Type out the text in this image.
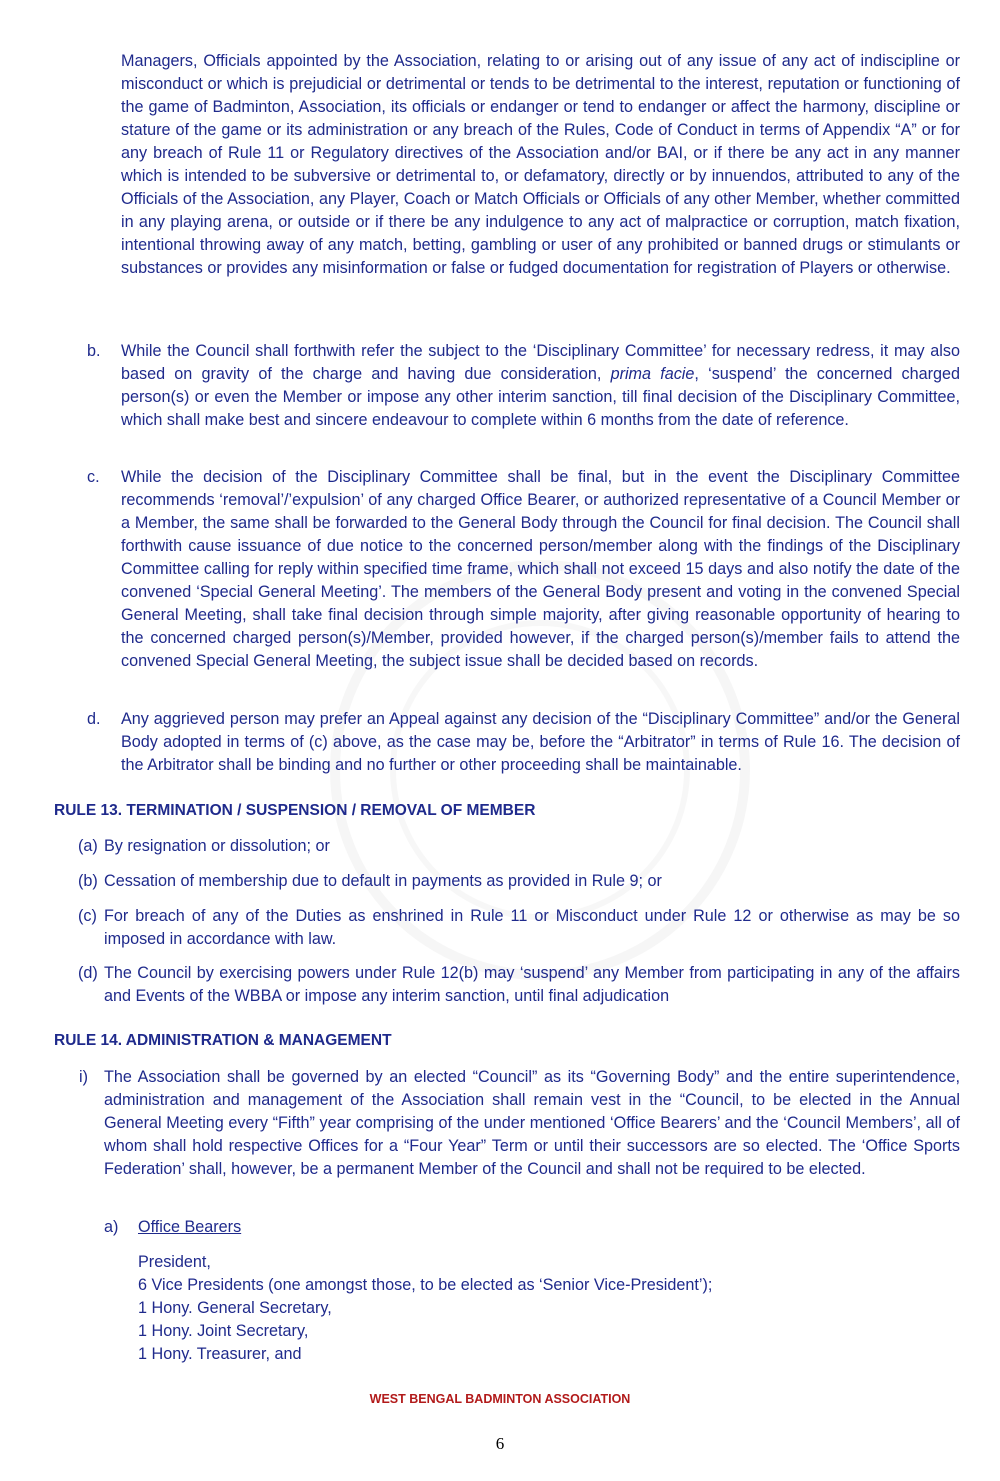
Managers, Officials appointed by the Association, relating to or arising out of any issue of any act of indiscipline or misconduct or which is prejudicial or detrimental or tends to be detrimental to the interest, reputation or functioning of the game of Badminton, Association, its officials or endanger or tend to endanger or affect the harmony, discipline or stature of the game or its administration or any breach of the Rules, Code of Conduct in terms of Appendix “A” or for any breach of Rule 11 or Regulatory directives of the Association and/or BAI, or if there be any act in any manner which is intended to be subversive or detrimental to, or defamatory, directly or by innuendos, attributed to any of the Officials of the Association, any Player, Coach or Match Officials or Officials of any other Member, whether committed in any playing arena, or outside or if there be any indulgence to any act of malpractice or corruption, match fixation, intentional throwing away of any match, betting, gambling or user of any prohibited or banned drugs or stimulants or substances or provides any misinformation or false or fudged documentation for registration of Players or otherwise.
b. While the Council shall forthwith refer the subject to the ‘Disciplinary Committee’ for necessary redress, it may also based on gravity of the charge and having due consideration, prima facie, ‘suspend’ the concerned charged person(s) or even the Member or impose any other interim sanction, till final decision of the Disciplinary Committee, which shall make best and sincere endeavour to complete within 6 months from the date of reference.
c. While the decision of the Disciplinary Committee shall be final, but in the event the Disciplinary Committee recommends ‘removal’/’expulsion’ of any charged Office Bearer, or authorized representative of a Council Member or a Member, the same shall be forwarded to the General Body through the Council for final decision. The Council shall forthwith cause issuance of due notice to the concerned person/member along with the findings of the Disciplinary Committee calling for reply within specified time frame, which shall not exceed 15 days and also notify the date of the convened ‘Special General Meeting’. The members of the General Body present and voting in the convened Special General Meeting, shall take final decision through simple majority, after giving reasonable opportunity of hearing to the concerned charged person(s)/Member, provided however, if the charged person(s)/member fails to attend the convened Special General Meeting, the subject issue shall be decided based on records.
d. Any aggrieved person may prefer an Appeal against any decision of the “Disciplinary Committee” and/or the General Body adopted in terms of (c) above, as the case may be, before the “Arbitrator” in terms of Rule 16. The decision of the Arbitrator shall be binding and no further or other proceeding shall be maintainable.
RULE 13. TERMINATION / SUSPENSION / REMOVAL OF MEMBER
(a) By resignation or dissolution; or
(b) Cessation of membership due to default in payments as provided in Rule 9; or
(c) For breach of any of the Duties as enshrined in Rule 11 or Misconduct under Rule 12 or otherwise as may be so imposed in accordance with law.
(d) The Council by exercising powers under Rule 12(b) may ‘suspend’ any Member from participating in any of the affairs and Events of the WBBA or impose any interim sanction, until final adjudication
RULE 14. ADMINISTRATION & MANAGEMENT
i) The Association shall be governed by an elected “Council” as its “Governing Body” and the entire superintendence, administration and management of the Association shall remain vest in the “Council, to be elected in the Annual General Meeting every “Fifth” year comprising of the under mentioned ‘Office Bearers’ and the ‘Council Members’, all of whom shall hold respective Offices for a “Four Year” Term or until their successors are so elected. The ‘Office Sports Federation’ shall, however, be a permanent Member of the Council and shall not be required to be elected.
a) Office Bearers
President,
6 Vice Presidents (one amongst those, to be elected as ‘Senior Vice-President’);
1 Hony. General Secretary,
1 Hony. Joint Secretary,
1 Hony. Treasurer, and
WEST BENGAL BADMINTON ASSOCIATION
6
